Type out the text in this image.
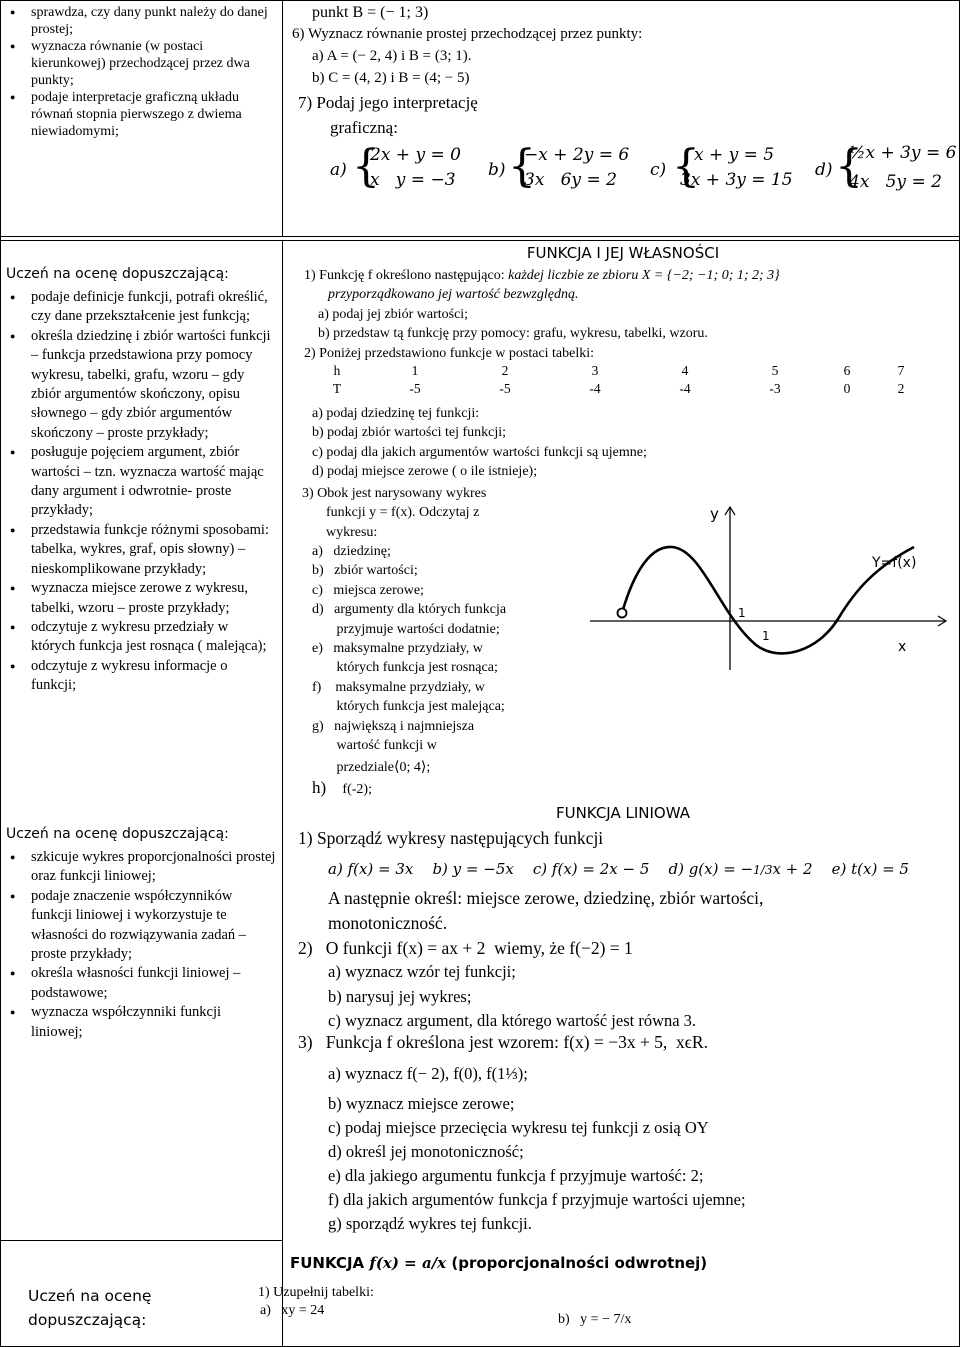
● sprawdza, czy dany punkt należy do danej prostej;
● wyznacza równanie (w postaci kierunkowej) przechodzącej przez dwa punkty;
● podaje interpretacje graficzną układu równań stopnia pierwszego z dwiema niewiadomymi;
punkt B = (− 1; 3)
6) Wyznacz równanie prostej przechodzącej przez punkty:
a) A = (− 2, 4) i B = (3; 1).
b) C = (4, 2) i B = (4; − 5)
7) Podaj jego interpretację
graficzną:
a) {
2x + y = 0
x   y = −3 b) {
−x + 2y = 6
3x   6y = 2 c) {
x + y = 5
3x + 3y = 15 d) {
½x + 3y = 6
4x   5y = 2
FUNKCJA I JEJ WŁASNOŚCI
Uczeń na ocenę dopuszczającą:
● podaje definicje funkcji, potrafi określić, czy dane przekształcenie jest funkcją;
● określa dziedzinę i zbiór wartości funkcji – funkcja przedstawiona przy pomocy wykresu, tabelki, grafu, wzoru – gdy zbiór argumentów skończony, opisu słownego – gdy zbiór argumentów skończony – proste przykłady;
● posługuje pojęciem argument, zbiór wartości – tzn. wyznacza wartość mając dany argument i odwrotnie- proste przykłady;
● przedstawia funkcje różnymi sposobami: tabelka, wykres, graf, opis słowny) – nieskomplikowane przykłady;
● wyznacza miejsce zerowe z wykresu, tabelki, wzoru – proste przykłady;
● odczytuje z wykresu przedziały w których funkcja jest rosnąca ( malejąca);
● odczytuje z wykresu informacje o funkcji;
1) Funkcję f określono następująco: każdej liczbie ze zbioru X = {−2; −1; 0; 1; 2; 3}
przyporządkowano jej wartość bezwzględną.
a) podaj jej zbiór wartości;
b) przedstaw tą funkcję przy pomocy: grafu, wykresu, tabelki, wzoru.
2) Poniżej przedstawiono funkcje w postaci tabelki:
h	1	2	3	4	5	6	7
T	-5	-5	-4	-4	-3	0	2
a) podaj dziedzinę tej funkcji:
b) podaj zbiór wartości tej funkcji;
c) podaj dla jakich argumentów wartości funkcji są ujemne;
d) podaj miejsce zerowe ( o ile istnieje);
3) Obok jest narysowany wykres
funkcji y = f(x). Odczytaj z
wykresu:
a)   dziedzinę;
b)   zbiór wartości;
c)   miejsca zerowe;
d)   argumenty dla których funkcja
przyjmuje wartości dodatnie;
e)   maksymalne przydziały, w
których funkcja jest rosnąca;
f)    maksymalne przydziały, w
których funkcja jest malejąca;
g)   największą i najmniejsza
wartość funkcji w
przedziale⟨0; 4⟩;
h) f(-2);
y
x
Y=f(x)
1
1
FUNKCJA LINIOWA
Uczeń na ocenę dopuszczającą:
● szkicuje wykres proporcjonalności prostej oraz funkcji liniowej;
● podaje znaczenie współczynników funkcji liniowej i wykorzystuje te własności do rozwiązywania zadań – proste przykłady;
● określa własności funkcji liniowej – podstawowe;
● wyznacza współczynniki funkcji liniowej;
1) Sporządź wykresy następujących funkcji
a) f(x) = 3x    b) y = −5x    c) f(x) = 2x − 5    d) g(x) = −1/3x + 2    e) t(x) = 5
A następnie określ: miejsce zerowe, dziedzinę, zbiór wartości,
monotoniczność.
2)   O funkcji f(x) = ax + 2  wiemy, że f(−2) = 1
a) wyznacz wzór tej funkcji;
b) narysuj jej wykres;
c) wyznacz argument, dla którego wartość jest równa 3.
3)   Funkcja f określona jest wzorem: f(x) = −3x + 5,  xϵR.
a) wyznacz f(− 2), f(0), f(1⅓);
b) wyznacz miejsce zerowe;
c) podaj miejsce przecięcia wykresu tej funkcji z osią OY
d) określ jej monotoniczność;
e) dla jakiego argumentu funkcja f przyjmuje wartość: 2;
f) dla jakich argumentów funkcja f przyjmuje wartości ujemne;
g) sporządź wykres tej funkcji.
FUNKCJA f(x) = a/x (proporcjonalności odwrotnej)
Uczeń na ocenę dopuszczającą:
1) Uzupełnij tabelki:
a)   xy = 24
b)   y = − 7/x
